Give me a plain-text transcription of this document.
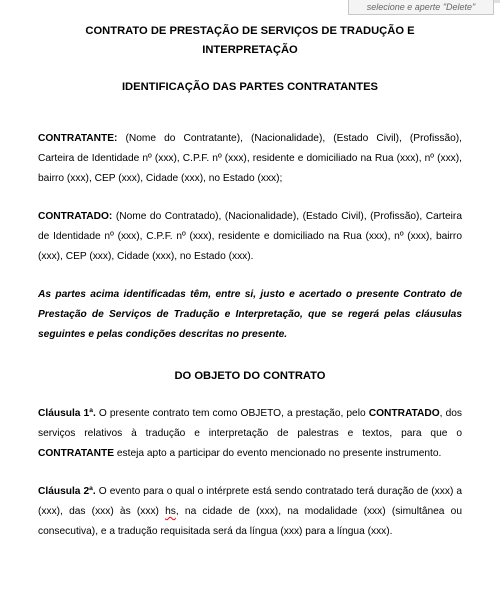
selecione e aperte "Delete"

CONTRATO DE PRESTAÇÃO DE SERVIÇOS DE TRADUÇÃO E INTERPRETAÇÃO

IDENTIFICAÇÃO DAS PARTES CONTRATANTES

CONTRATANTE: (Nome do Contratante), (Nacionalidade), (Estado Civil), (Profissão), Carteira de Identidade nº (xxx), C.P.F. nº (xxx), residente e domiciliado na Rua (xxx), nº (xxx), bairro (xxx), CEP (xxx), Cidade (xxx), no Estado (xxx);

CONTRATADO: (Nome do Contratado), (Nacionalidade), (Estado Civil), (Profissão), Carteira de Identidade nº (xxx), C.P.F. nº (xxx), residente e domiciliado na Rua (xxx), nº (xxx), bairro (xxx), CEP (xxx), Cidade (xxx), no Estado (xxx).

As partes acima identificadas têm, entre si, justo e acertado o presente Contrato de Prestação de Serviços de Tradução e Interpretação, que se regerá pelas cláusulas seguintes e pelas condições descritas no presente.

DO OBJETO DO CONTRATO

Cláusula 1ª. O presente contrato tem como OBJETO, a prestação, pelo CONTRATADO, dos serviços relativos à tradução e interpretação de palestras e textos, para que o CONTRATANTE esteja apto a participar do evento mencionado no presente instrumento.

Cláusula 2ª. O evento para o qual o intérprete está sendo contratado terá duração de (xxx) a (xxx), das (xxx) às (xxx) hs, na cidade de (xxx), na modalidade (xxx) (simultânea ou consecutiva), e a tradução requisitada será da língua (xxx) para a língua (xxx).
